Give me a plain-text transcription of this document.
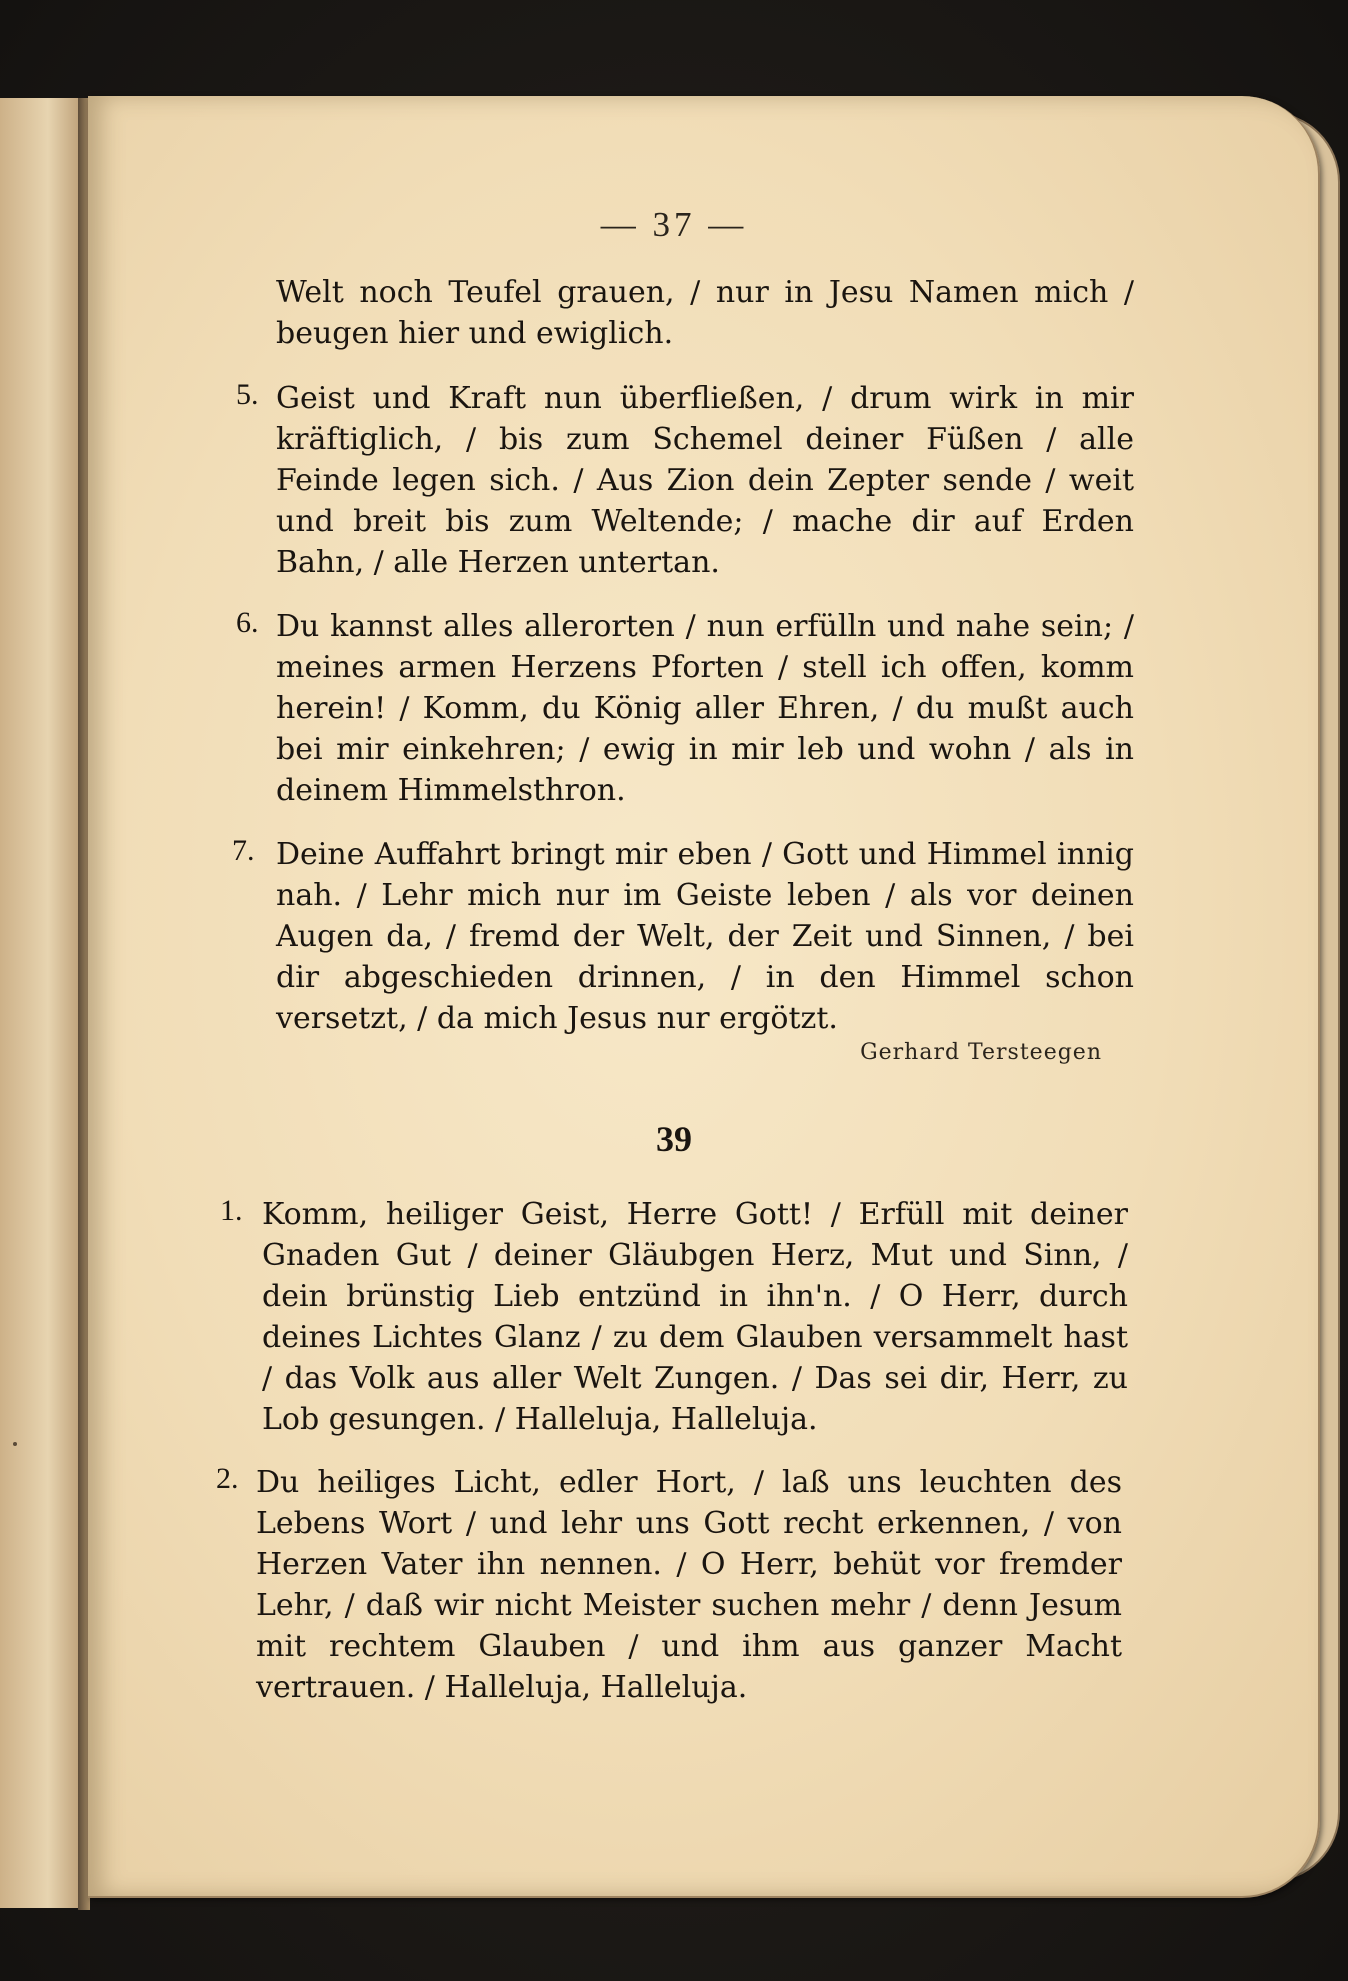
— 37 —
Welt noch Teufel grauen, / nur in Jesu Namen mich / beugen hier und ewiglich.
5. Geist und Kraft nun überfließen, / drum wirk in mir kräftiglich, / bis zum Schemel deiner Füßen / alle Feinde legen sich. / Aus Zion dein Zepter sende / weit und breit bis zum Weltende; / mache dir auf Erden Bahn, / alle Herzen untertan.
6. Du kannst alles allerorten / nun erfülln und nahe sein; / meines armen Herzens Pforten / stell ich offen, komm herein! / Komm, du König aller Ehren, / du mußt auch bei mir einkehren; / ewig in mir leb und wohn / als in deinem Himmelsthron.
7. Deine Auffahrt bringt mir eben / Gott und Himmel innig nah. / Lehr mich nur im Geiste leben / als vor deinen Augen da, / fremd der Welt, der Zeit und Sinnen, / bei dir abgeschieden drinnen, / in den Himmel schon versetzt, / da mich Jesus nur ergötzt.
Gerhard Tersteegen
39
1. Komm, heiliger Geist, Herre Gott! / Erfüll mit deiner Gnaden Gut / deiner Gläubgen Herz, Mut und Sinn, / dein brünstig Lieb entzünd in ihn'n. / O Herr, durch deines Lichtes Glanz / zu dem Glauben versammelt hast / das Volk aus aller Welt Zungen. / Das sei dir, Herr, zu Lob gesungen. / Halleluja, Halleluja.
2. Du heiliges Licht, edler Hort, / laß uns leuchten des Lebens Wort / und lehr uns Gott recht erkennen, / von Herzen Vater ihn nennen. / O Herr, behüt vor fremder Lehr, / daß wir nicht Meister suchen mehr / denn Jesum mit rechtem Glauben / und ihm aus ganzer Macht vertrauen. / Halleluja, Halleluja.
